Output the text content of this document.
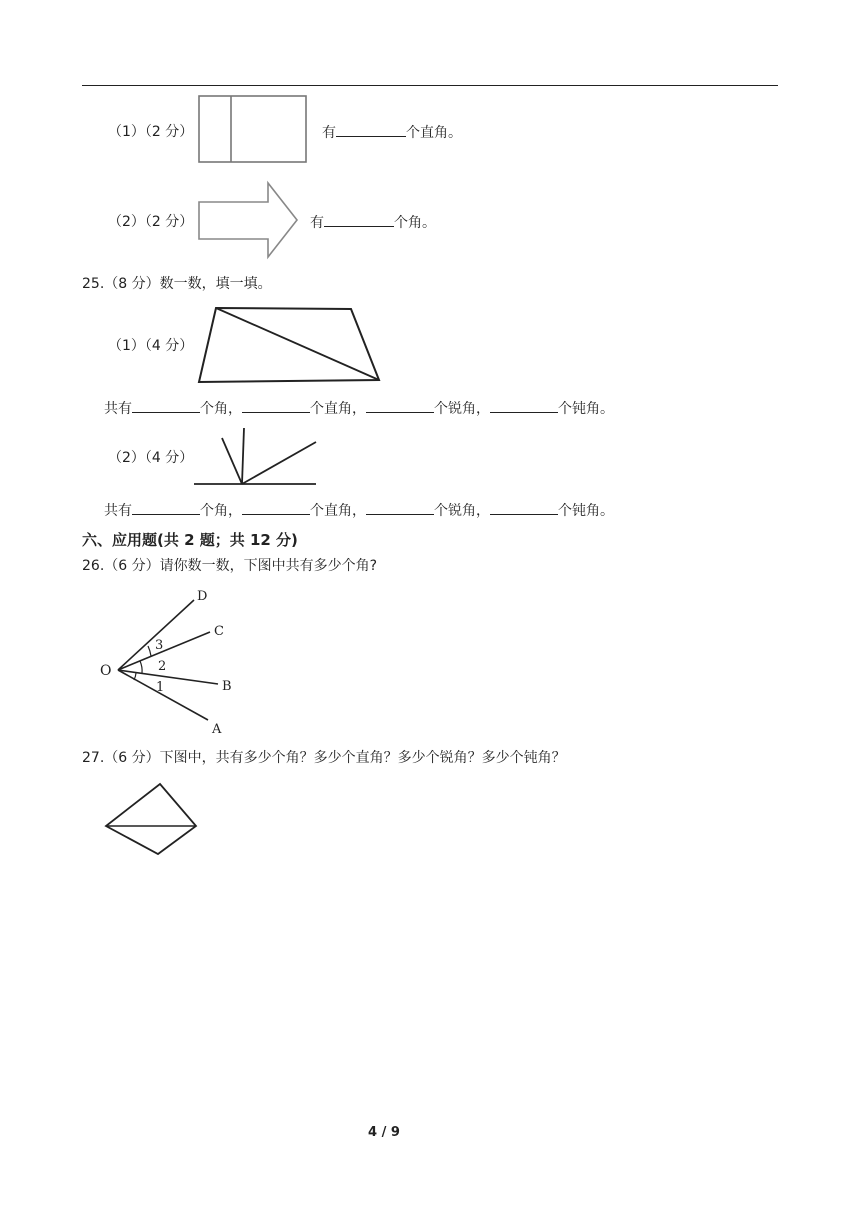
（1）（2 分）	有	个直角。
（2）（2 分）	有	个角。
25.（8 分）数一数，填一填。
（1）（4 分）
共有	个角，	个直角，	个锐角，	个钝角。
（2）（4 分）
共有	个角，	个直角，	个锐角，	个钝角。
六、应用题(共 2 题；共 12 分)
26.（6 分）请你数一数，下图中共有多少个角?
O
D
C
B
A
3
2
1
27.（6 分）下图中，共有多少个角？多少个直角？多少个锐角？多少个钝角？
4 / 9
